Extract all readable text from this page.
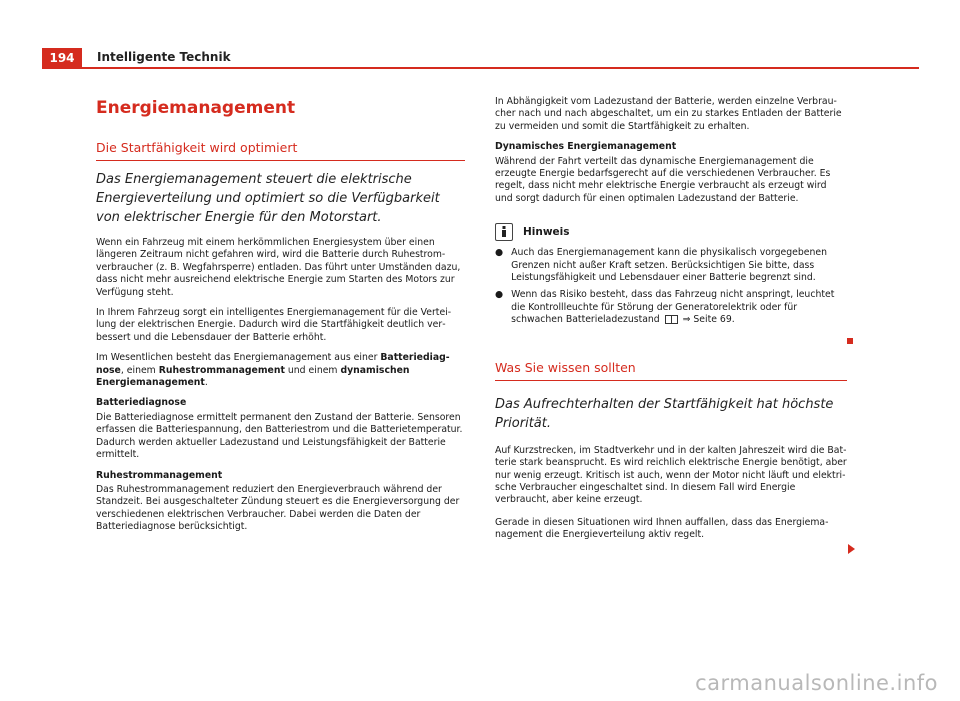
194	Intelligente Technik
Energiemanagement
Die Startfähigkeit wird optimiert

Das Energiemanagement steuert die elektrische Energieverteilung und optimiert so die Verfügbarkeit von elektrischer Energie für den Motorstart.

Wenn ein Fahrzeug mit einem herkömmlichen Energiesystem über einen längeren Zeitraum nicht gefahren wird, wird die Batterie durch Ruhestromverbraucher (z. B. Wegfahrsperre) entladen. Das führt unter Umständen dazu, dass nicht mehr ausreichend elektrische Energie zum Starten des Motors zur Verfügung steht.

In Ihrem Fahrzeug sorgt ein intelligentes Energiemanagement für die Verteilung der elektrischen Energie. Dadurch wird die Startfähigkeit deutlich verbessert und die Lebensdauer der Batterie erhöht.

Im Wesentlichen besteht das Energiemanagement aus einer Batteriediagnose, einem Ruhestrommanagement und einem dynamischen Energiemanagement.

Batteriediagnose

Die Batteriediagnose ermittelt permanent den Zustand der Batterie. Sensoren erfassen die Batteriespannung, den Batteriestrom und die Batterietemperatur. Dadurch werden aktueller Ladezustand und Leistungsfähigkeit der Batterie ermittelt.

Ruhestrommanagement

Das Ruhestrommanagement reduziert den Energieverbrauch während der Standzeit. Bei ausgeschalteter Zündung steuert es die Energieversorgung der verschiedenen elektrischen Verbraucher. Dabei werden die Daten der Batteriediagnose berücksichtigt.

In Abhängigkeit vom Ladezustand der Batterie, werden einzelne Verbraucher nach und nach abgeschaltet, um ein zu starkes Entladen der Batterie zu vermeiden und somit die Startfähigkeit zu erhalten.

Dynamisches Energiemanagement

Während der Fahrt verteilt das dynamische Energiemanagement die erzeugte Energie bedarfsgerecht auf die verschiedenen Verbraucher. Es regelt, dass nicht mehr elektrische Energie verbraucht als erzeugt wird und sorgt dadurch für einen optimalen Ladezustand der Batterie.

Hinweis
● Auch das Energiemanagement kann die physikalisch vorgegebenen Grenzen nicht außer Kraft setzen. Berücksichtigen Sie bitte, dass Leistungsfähigkeit und Lebensdauer einer Batterie begrenzt sind.

● Wenn das Risiko besteht, dass das Fahrzeug nicht anspringt, leuchtet die Kontrollleuchte für Störung der Generatorelektrik oder für schwachen Batterieladezustand ⇒ Seite 69.

Was Sie wissen sollten

Das Aufrechterhalten der Startfähigkeit hat höchste Priorität.

Auf Kurzstrecken, im Stadtverkehr und in der kalten Jahreszeit wird die Batterie stark beansprucht. Es wird reichlich elektrische Energie benötigt, aber nur wenig erzeugt. Kritisch ist auch, wenn der Motor nicht läuft und elektrische Verbraucher eingeschaltet sind. In diesem Fall wird Energie verbraucht, aber keine erzeugt.

Gerade in diesen Situationen wird Ihnen auffallen, dass das Energiemanagement die Energieverteilung aktiv regelt.

carmanualsonline.info
